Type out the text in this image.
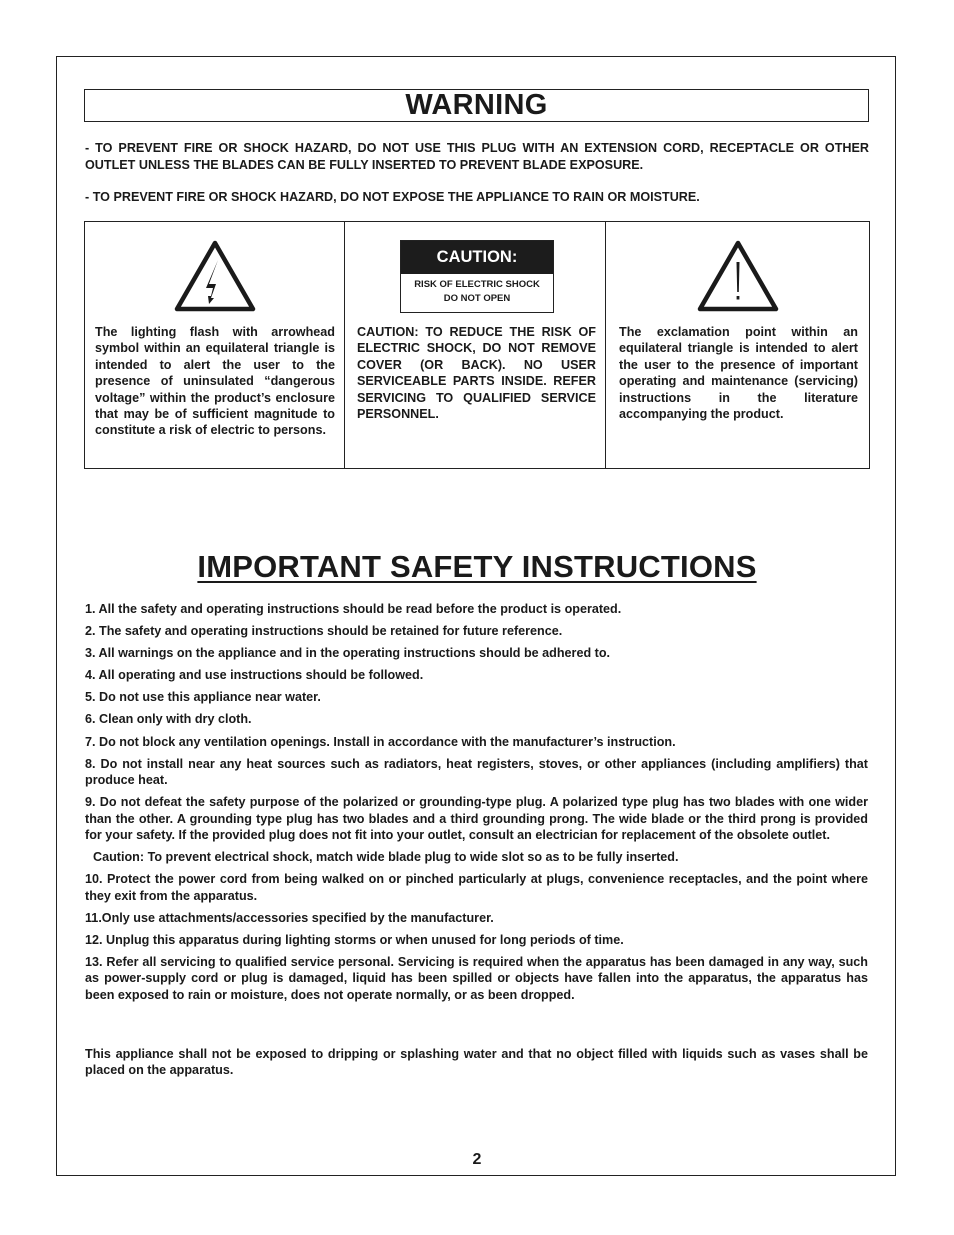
WARNING
- TO PREVENT FIRE OR SHOCK HAZARD, DO NOT USE THIS PLUG WITH AN EXTENSION CORD, RECEPTACLE OR OTHER OUTLET UNLESS THE BLADES CAN BE FULLY INSERTED TO PREVENT BLADE EXPOSURE.
- TO PREVENT FIRE OR SHOCK HAZARD, DO NOT EXPOSE THE APPLIANCE TO RAIN OR MOISTURE.
The lighting flash with arrowhead symbol within an equilateral triangle is intended to alert the user to the presence of uninsulated “dangerous voltage” within the product’s enclosure that may be of sufficient magnitude to constitute a risk of electric to persons.
CAUTION:
RISK OF ELECTRIC SHOCK
DO NOT OPEN
CAUTION: TO REDUCE THE RISK OF ELECTRIC SHOCK, DO NOT REMOVE COVER (OR BACK). NO USER SERVICEABLE PARTS INSIDE. REFER SERVICING TO QUALIFIED SERVICE PERSONNEL.
The exclamation point within an equilateral triangle is intended to alert the user to the presence of important operating and maintenance (servicing) instructions in the literature accompanying the product.
IMPORTANT SAFETY INSTRUCTIONS
1. All the safety and operating instructions should be read before the product is operated.
2. The safety and operating instructions should be retained for future reference.
3. All warnings on the appliance and in the operating instructions should be adhered to.
4. All operating and use instructions should be followed.
5. Do not use this appliance near water.
6. Clean only with dry cloth.
7. Do not block any ventilation openings. Install in accordance with the manufacturer’s instruction.
8. Do not install near any heat sources such as radiators, heat registers, stoves, or other appliances (including amplifiers) that produce heat.
9. Do not defeat the safety purpose of the polarized or grounding-type plug. A polarized type plug has two blades with one wider than the other. A grounding type plug has two blades and a third grounding prong. The wide blade or the third prong is provided for your safety. If the provided plug does not fit into your outlet, consult an electrician for replacement of the obsolete outlet.
Caution: To prevent electrical shock, match wide blade plug to wide slot so as to be fully inserted.
10. Protect the power cord from being walked on or pinched particularly at plugs, convenience receptacles, and the point where they exit from the apparatus.
11.Only use attachments/accessories specified by the manufacturer.
12. Unplug this apparatus during lighting storms or when unused for long periods of time.
13. Refer all servicing to qualified service personal. Servicing is required when the apparatus has been damaged in any way, such as power-supply cord or plug is damaged, liquid has been spilled or objects have fallen into the apparatus, the apparatus has been exposed to rain or moisture, does not operate normally, or as been dropped.
This appliance shall not be exposed to dripping or splashing water and that no object filled with liquids such as vases shall be placed on the apparatus.
2
